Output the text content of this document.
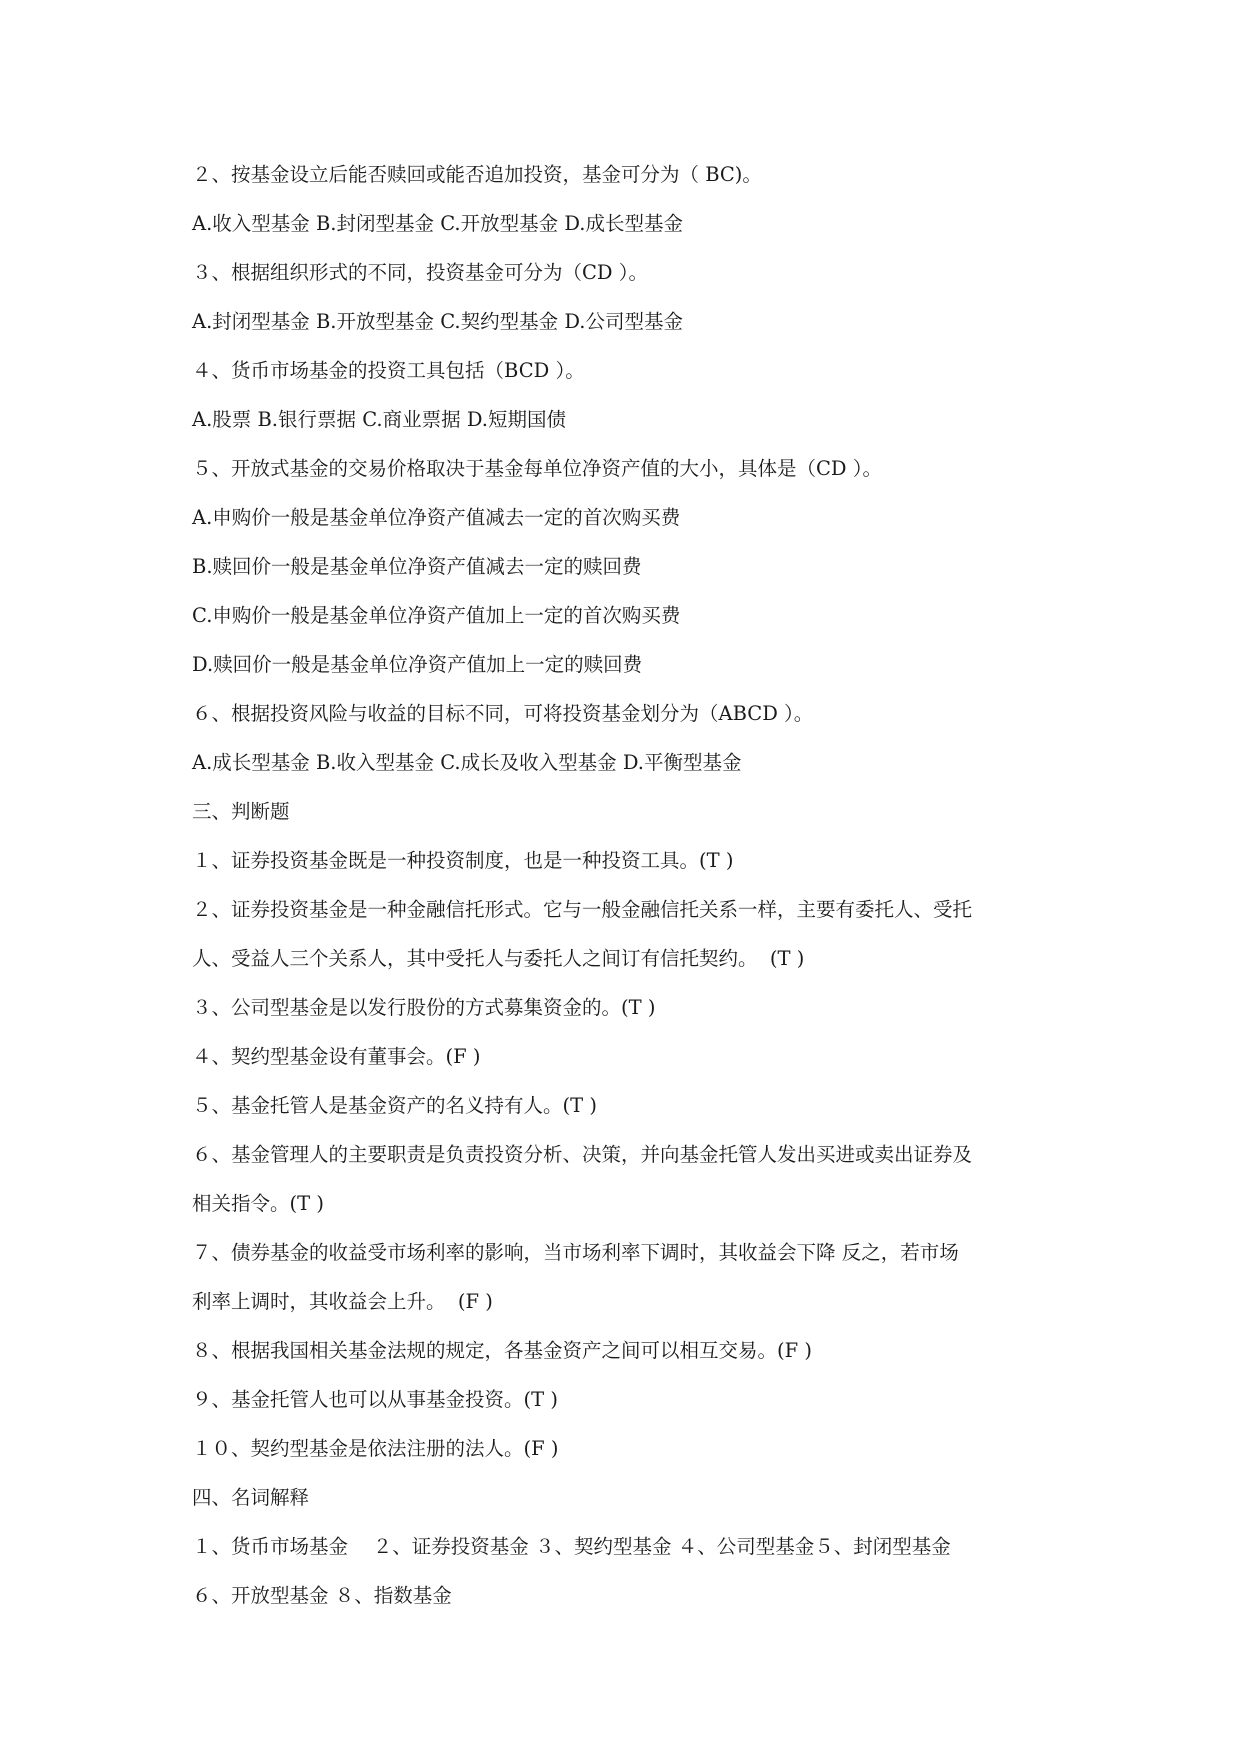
２、按基金设立后能否赎回或能否追加投资，基金可分为（ BC)。
A.收入型基金 B.封闭型基金 C.开放型基金 D.成长型基金
３、根据组织形式的不同，投资基金可分为（CD ）。
A.封闭型基金 B.开放型基金 C.契约型基金 D.公司型基金
４、货币市场基金的投资工具包括（BCD ）。
A.股票 B.银行票据 C.商业票据 D.短期国债
５、开放式基金的交易价格取决于基金每单位净资产值的大小，具体是（CD ）。
A.申购价一般是基金单位净资产值减去一定的首次购买费
B.赎回价一般是基金单位净资产值减去一定的赎回费
C.申购价一般是基金单位净资产值加上一定的首次购买费
D.赎回价一般是基金单位净资产值加上一定的赎回费
６、根据投资风险与收益的目标不同，可将投资基金划分为（ABCD ）。
A.成长型基金 B.收入型基金 C.成长及收入型基金 D.平衡型基金
三、判断题
１、证券投资基金既是一种投资制度，也是一种投资工具。(T )
２、证券投资基金是一种金融信托形式。它与一般金融信托关系一样，主要有委托人、受托
人、受益人三个关系人，其中受托人与委托人之间订有信托契约。  (T )
３、公司型基金是以发行股份的方式募集资金的。(T )
４、契约型基金设有董事会。(F )
５、基金托管人是基金资产的名义持有人。(T )
６、基金管理人的主要职责是负责投资分析、决策，并向基金托管人发出买进或卖出证券及
相关指令。(T )
７、债券基金的收益受市场利率的影响，当市场利率下调时，其收益会下降 反之，若市场
利率上调时，其收益会上升。  (F )
８、根据我国相关基金法规的规定，各基金资产之间可以相互交易。(F )
９、基金托管人也可以从事基金投资。(T )
１０、契约型基金是依法注册的法人。(F )
四、名词解释
１、货币市场基金    ２、证券投资基金 ３、契约型基金 ４、公司型基金５、封闭型基金
６、开放型基金 ８、指数基金
